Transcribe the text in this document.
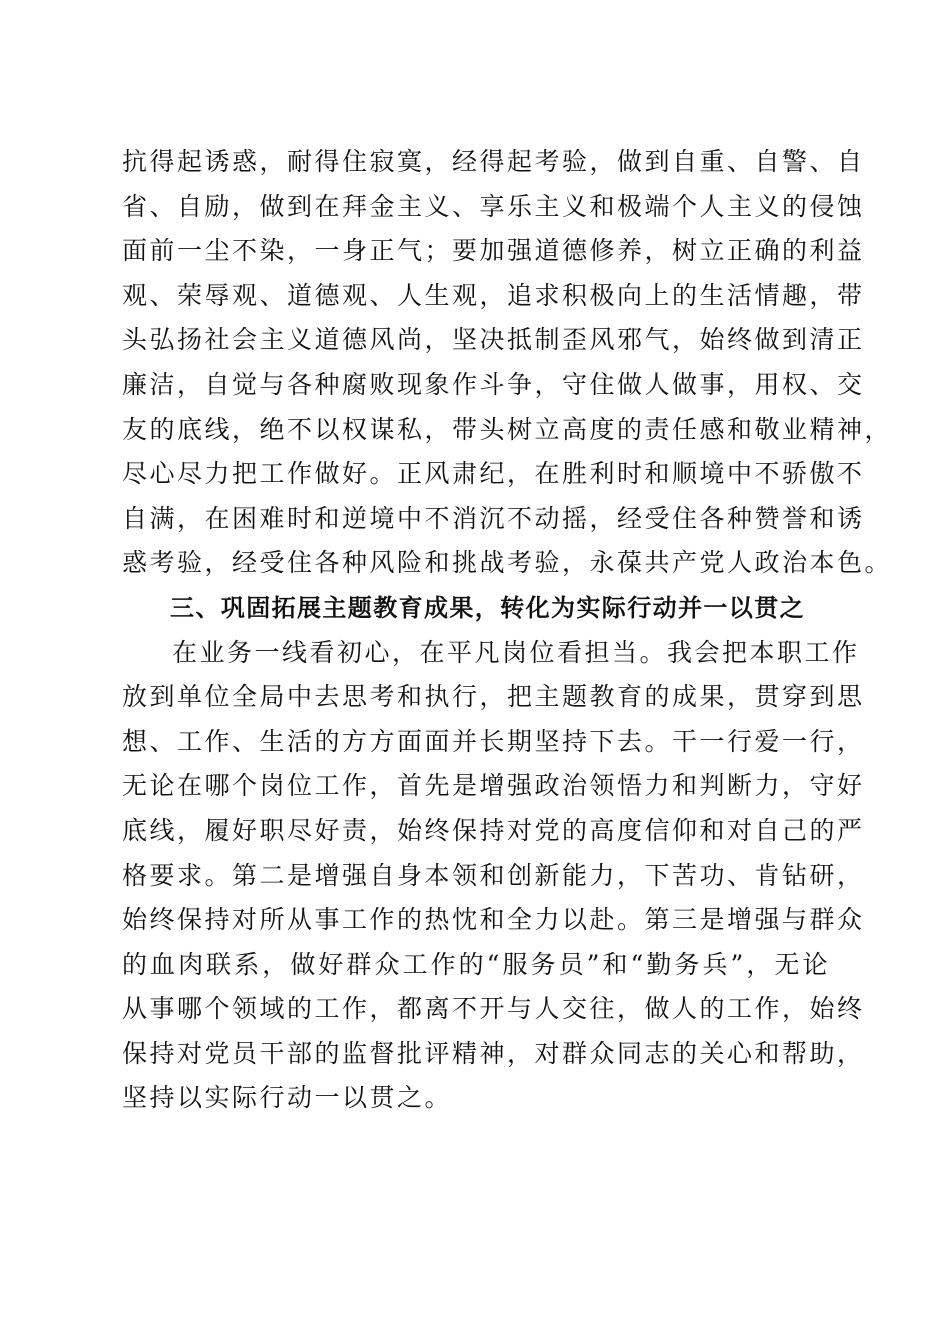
抗得起诱惑，耐得住寂寞，经得起考验，做到自重、自警、自
省、自励，做到在拜金主义、享乐主义和极端个人主义的侵蚀
面前一尘不染，一身正气；要加强道德修养，树立正确的利益
观、荣辱观、道德观、人生观，追求积极向上的生活情趣，带
头弘扬社会主义道德风尚，坚决抵制歪风邪气，始终做到清正
廉洁，自觉与各种腐败现象作斗争，守住做人做事，用权、交
友的底线，绝不以权谋私，带头树立高度的责任感和敬业精神，
尽心尽力把工作做好。正风肃纪，在胜利时和顺境中不骄傲不
自满，在困难时和逆境中不消沉不动摇，经受住各种赞誉和诱
惑考验，经受住各种风险和挑战考验，永葆共产党人政治本色。

三、巩固拓展主题教育成果，转化为实际行动并一以贯之

在业务一线看初心，在平凡岗位看担当。我会把本职工作
放到单位全局中去思考和执行，把主题教育的成果，贯穿到思
想、工作、生活的方方面面并长期坚持下去。干一行爱一行，
无论在哪个岗位工作，首先是增强政治领悟力和判断力，守好
底线，履好职尽好责，始终保持对党的高度信仰和对自己的严
格要求。第二是增强自身本领和创新能力，下苦功、肯钻研，
始终保持对所从事工作的热忱和全力以赴。第三是增强与群众
的血肉联系，做好群众工作的“服务员”和“勤务兵”，无论
从事哪个领域的工作，都离不开与人交往，做人的工作，始终
保持对党员干部的监督批评精神，对群众同志的关心和帮助，
坚持以实际行动一以贯之。
